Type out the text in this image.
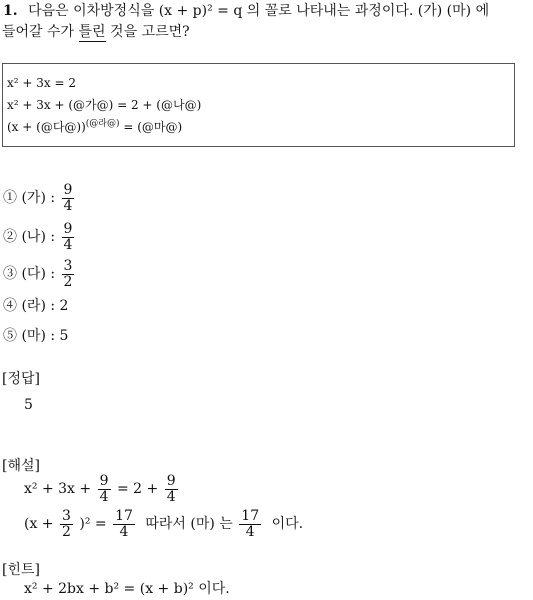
1. 다음은 이차방정식을 (x + p)² = q 의 꼴로 나타내는 과정이다. (가) (마) 에
들어갈 수가 틀린 것을 고르면?
x² + 3x = 2
x² + 3x + (@가@) = 2 + (@나@)
(x + (@다@))$^{(@라@)}$ = (@마@)
① (가) : $\frac{9}{4}$
② (나) : $\frac{9}{4}$
③ (다) : $\frac{3}{2}$
④ (라) : 2
⑤ (마) : 5
[정답]
5
[해설]
$x^2 + 3x + \frac{9}{4} = 2 + \frac{9}{4}$
$(x + \frac{3}{2} )^2 = \frac{17}{4}$ 따라서 (마) 는 $\frac{17}{4}$ 이다.
[힌트]
x² + 2bx + b² = (x + b)² 이다.
